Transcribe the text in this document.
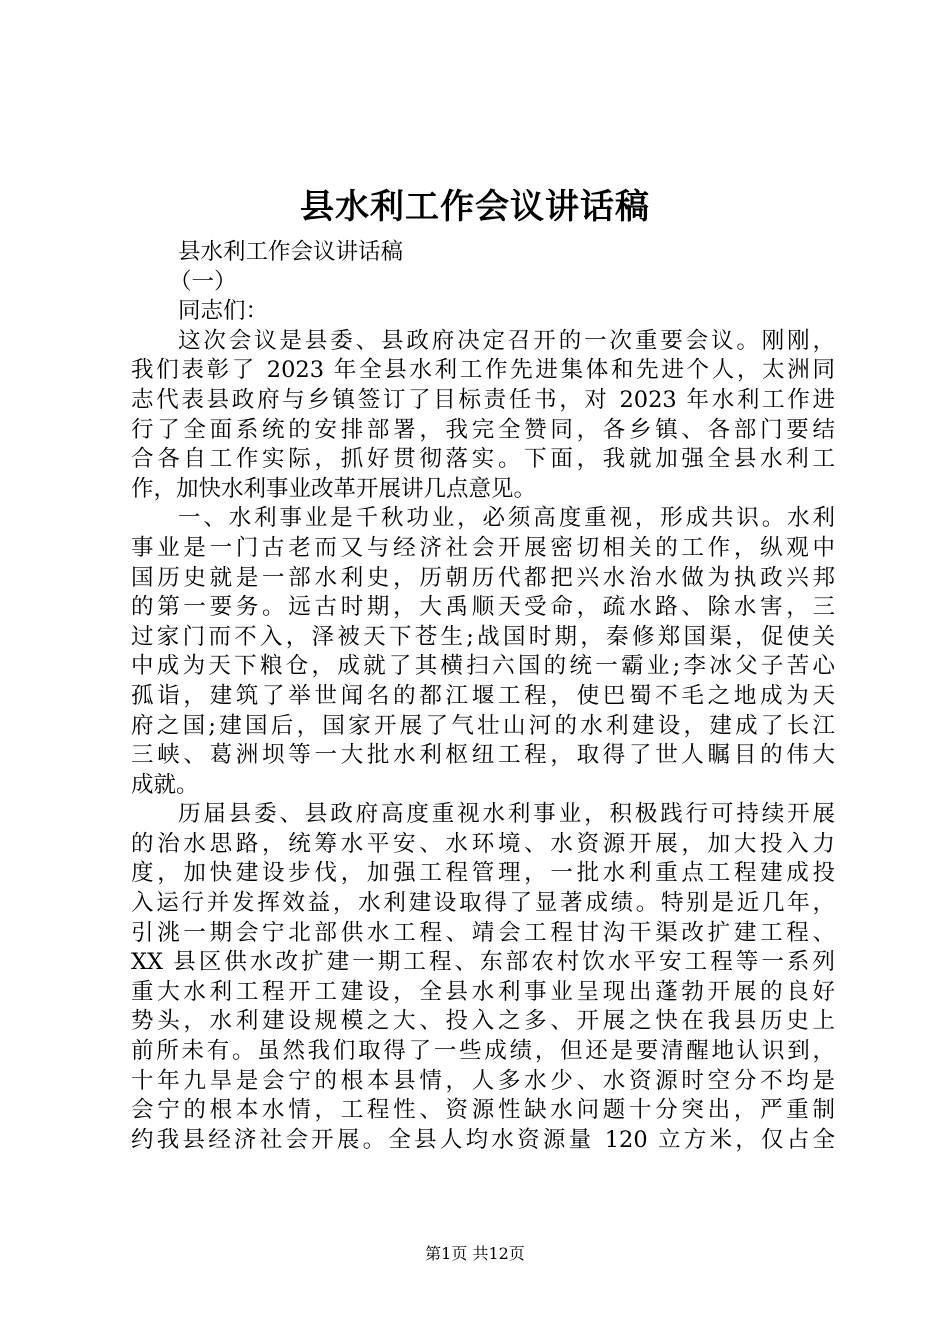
县水利工作会议讲话稿
县水利工作会议讲话稿
（一）
同志们：
这次会议是县委、县政府决定召开的一次重要会议。刚刚，
我们表彰了 2023 年全县水利工作先进集体和先进个人，太洲同
志代表县政府与乡镇签订了目标责任书，对 2023 年水利工作进
行了全面系统的安排部署，我完全赞同，各乡镇、各部门要结
合各自工作实际，抓好贯彻落实。下面，我就加强全县水利工
作，加快水利事业改革开展讲几点意见。
一、水利事业是千秋功业，必须高度重视，形成共识。水利
事业是一门古老而又与经济社会开展密切相关的工作，纵观中
国历史就是一部水利史，历朝历代都把兴水治水做为执政兴邦
的第一要务。远古时期，大禹顺天受命，疏水路、除水害，三
过家门而不入，泽被天下苍生;战国时期，秦修郑国渠，促使关
中成为天下粮仓，成就了其横扫六国的统一霸业;李冰父子苦心
孤诣，建筑了举世闻名的都江堰工程，使巴蜀不毛之地成为天
府之国;建国后，国家开展了气壮山河的水利建设，建成了长江
三峡、葛洲坝等一大批水利枢纽工程，取得了世人瞩目的伟大
成就。
历届县委、县政府高度重视水利事业，积极践行可持续开展
的治水思路，统筹水平安、水环境、水资源开展，加大投入力
度，加快建设步伐，加强工程管理，一批水利重点工程建成投
入运行并发挥效益，水利建设取得了显著成绩。特别是近几年，
引洮一期会宁北部供水工程、靖会工程甘沟干渠改扩建工程、
XX 县区供水改扩建一期工程、东部农村饮水平安工程等一系列
重大水利工程开工建设，全县水利事业呈现出蓬勃开展的良好
势头，水利建设规模之大、投入之多、开展之快在我县历史上
前所未有。虽然我们取得了一些成绩，但还是要清醒地认识到，
十年九旱是会宁的根本县情，人多水少、水资源时空分不均是
会宁的根本水情，工程性、资源性缺水问题十分突出，严重制
约我县经济社会开展。全县人均水资源量 120 立方米，仅占全
第1页 共12页
